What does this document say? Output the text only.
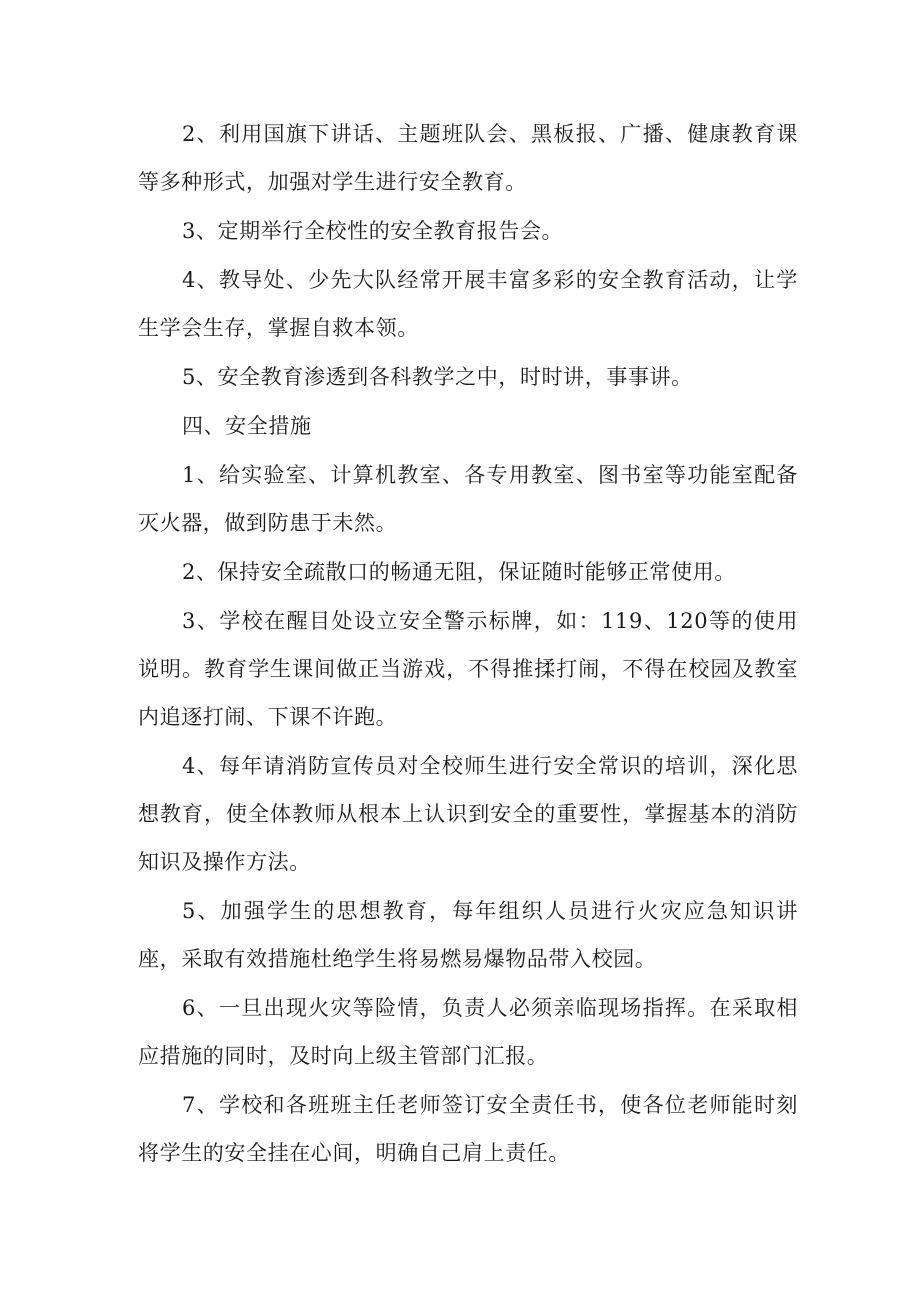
2、利用国旗下讲话、主题班队会、黑板报、广播、健康教育课等多种形式，加强对学生进行安全教育。

3、定期举行全校性的安全教育报告会。

4、教导处、少先大队经常开展丰富多彩的安全教育活动，让学生学会生存，掌握自救本领。

5、安全教育渗透到各科教学之中，时时讲，事事讲。

四、安全措施

1、给实验室、计算机教室、各专用教室、图书室等功能室配备灭火器，做到防患于未然。

2、保持安全疏散口的畅通无阻，保证随时能够正常使用。

3、学校在醒目处设立安全警示标牌，如：119、120等的使用说明。教育学生课间做正当游戏，不得推揉打闹，不得在校园及教室内追逐打闹、下课不许跑。

4、每年请消防宣传员对全校师生进行安全常识的培训，深化思想教育，使全体教师从根本上认识到安全的重要性，掌握基本的消防知识及操作方法。

5、加强学生的思想教育，每年组织人员进行火灾应急知识讲座，采取有效措施杜绝学生将易燃易爆物品带入校园。

6、一旦出现火灾等险情，负责人必须亲临现场指挥。在采取相应措施的同时，及时向上级主管部门汇报。

7、学校和各班班主任老师签订安全责任书，使各位老师能时刻将学生的安全挂在心间，明确自己肩上责任。
